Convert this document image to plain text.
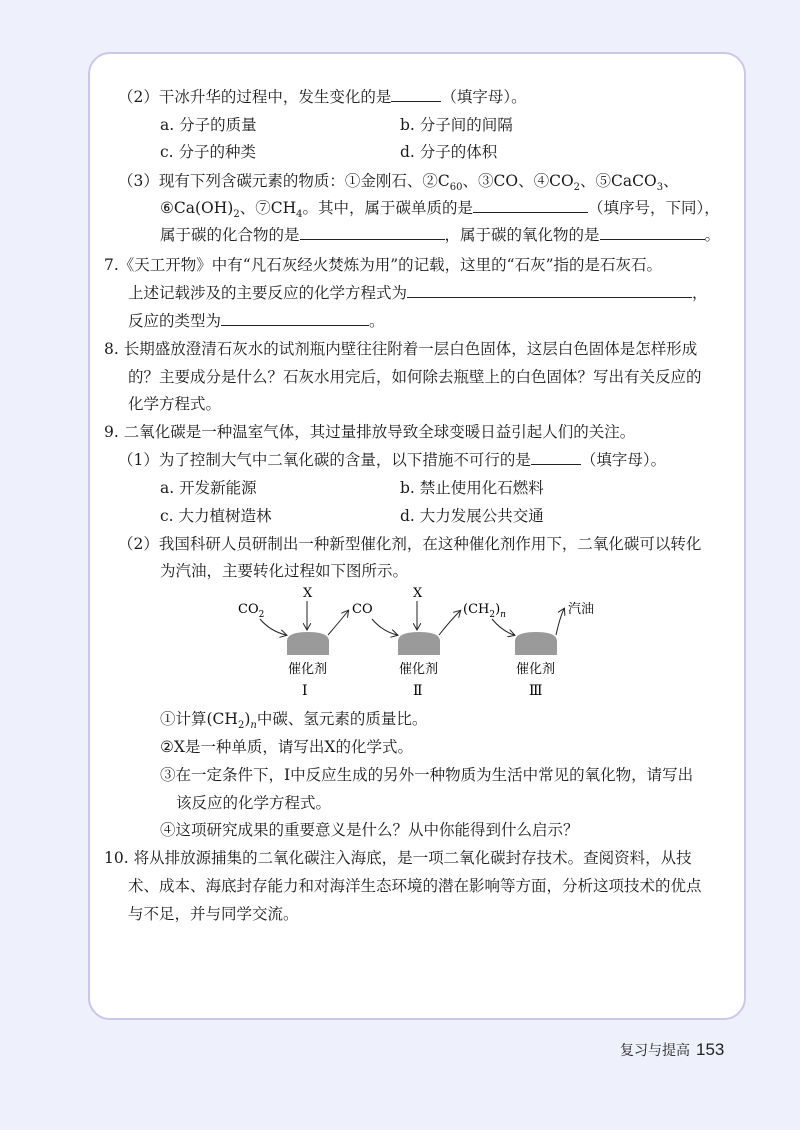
（2）干冰升华的过程中，发生变化的是	（填字母）。
a. 分子的质量	b. 分子间的间隔
c. 分子的种类	d. 分子的体积
（3）现有下列含碳元素的物质：①金刚石、$②C_{60}$、③CO、$④CO_2$、⑤CaCO$_3$、
$⑥Ca(OH)_2$、$⑦CH_4$。其中，属于碳单质的是	（填序号，下同），
属于碳的化合物的是	，属于碳的氧化物的是	。
7.《天工开物》中有“凡石灰经火焚炼为用”的记载，这里的“石灰”指的是石灰石。
上述记载涉及的主要反应的化学方程式为	，
反应的类型为	。
8. 长期盛放澄清石灰水的试剂瓶内壁往往附着一层白色固体，这层白色固体是怎样形成
的？主要成分是什么？石灰水用完后，如何除去瓶壁上的白色固体？写出有关反应的
化学方程式。
9. 二氧化碳是一种温室气体，其过量排放导致全球变暖日益引起人们的关注。
（1）为了控制大气中二氧化碳的含量，以下措施不可行的是	（填字母）。
a. 开发新能源	b. 禁止使用化石燃料
c. 大力植树造林	d. 大力发展公共交通
（2）我国科研人员研制出一种新型催化剂，在这种催化剂作用下，二氧化碳可以转化
为汽油，主要转化过程如下图所示。
$CO_2$
X
CO
X
$(CH_2)_n$	汽油
催化剂	催化剂	催化剂
Ⅰ	Ⅱ	Ⅲ
①计算$(CH_2)_n$中碳、氢元素的质量比。
②X是一种单质，请写出X的化学式。
③在一定条件下，Ⅰ中反应生成的另外一种物质为生活中常见的氧化物，请写出
该反应的化学方程式。
④这项研究成果的重要意义是什么？从中你能得到什么启示？
10. 将从排放源捕集的二氧化碳注入海底，是一项二氧化碳封存技术。查阅资料，从技
术、成本、海底封存能力和对海洋生态环境的潜在影响等方面，分析这项技术的优点
与不足，并与同学交流。
复习与提高 153
